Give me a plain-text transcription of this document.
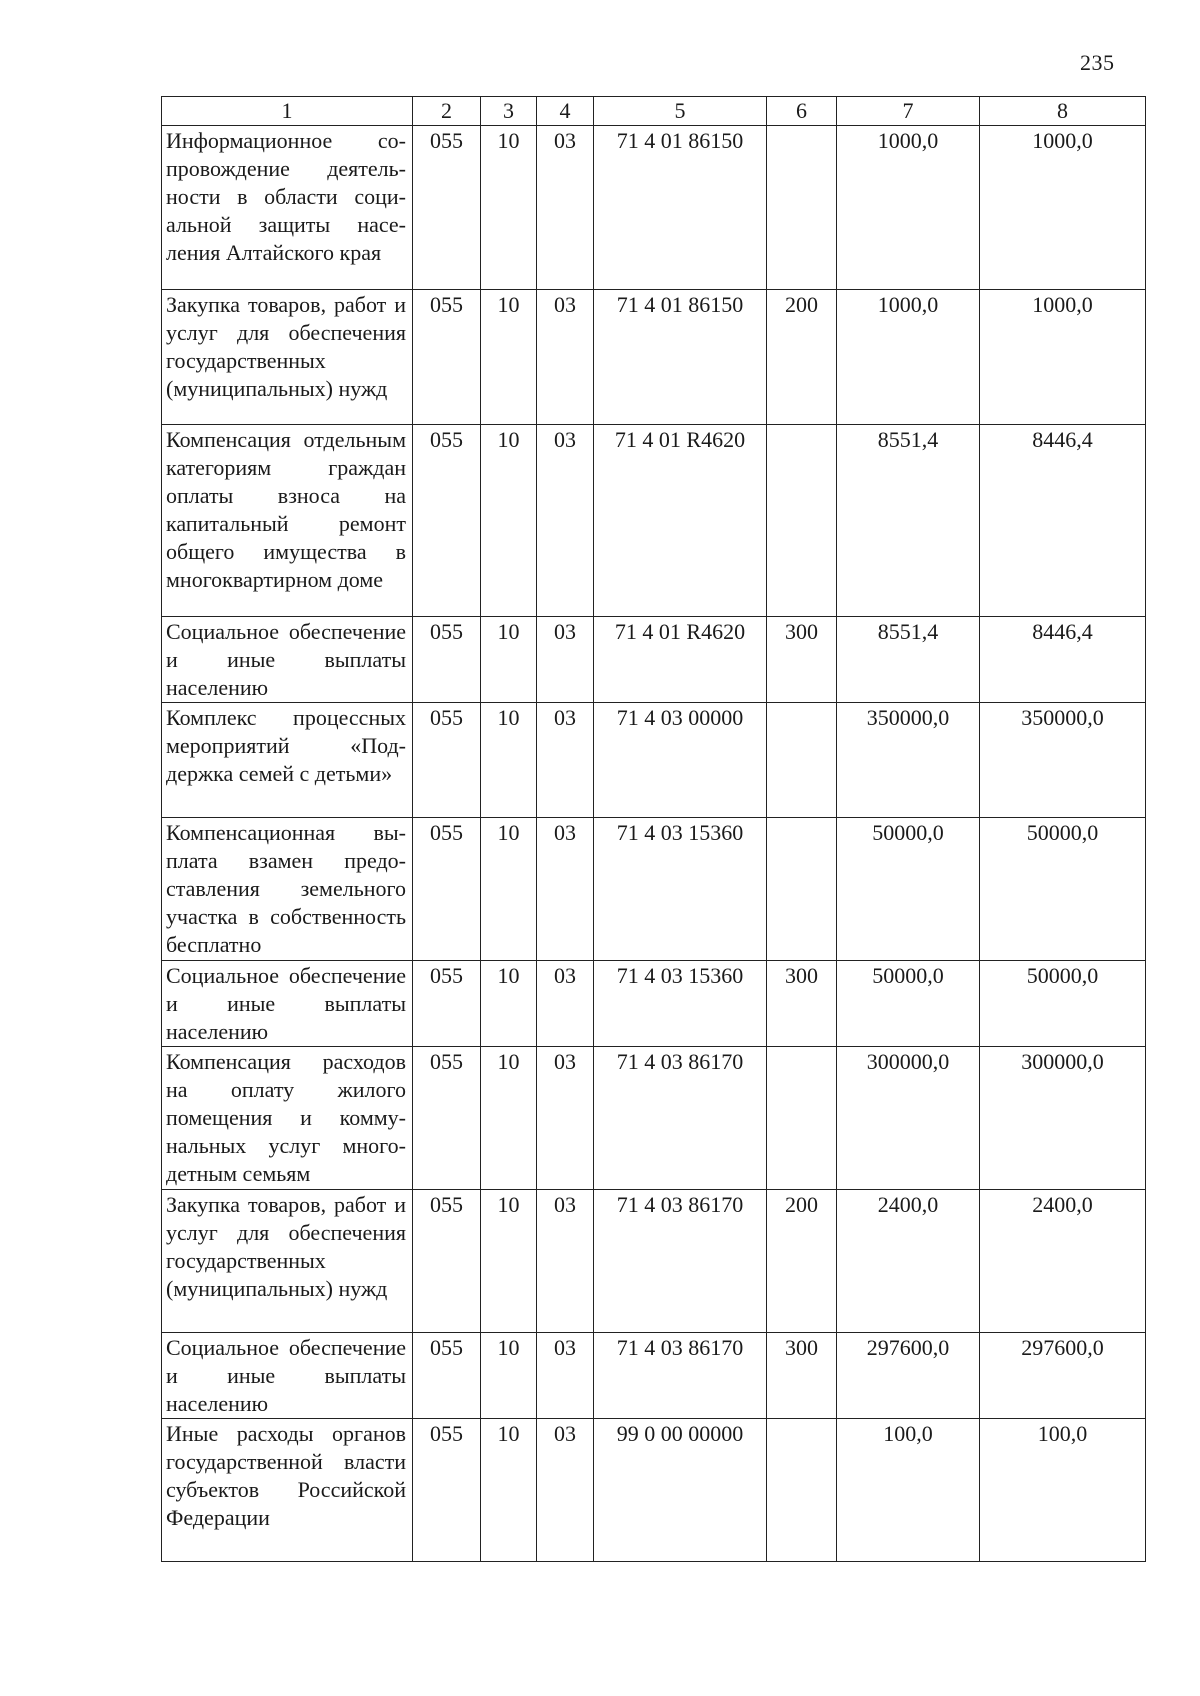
235
1	2	3	4	5	6	7	8
Информационное сопровождение деятельности в области социальной защиты населения Алтайского края	055	10	03	71 4 01 86150		1000,0	1000,0
Закупка товаров, работ и услуг для обеспечения государственных (муниципальных) нужд	055	10	03	71 4 01 86150	200	1000,0	1000,0
Компенсация отдельным категориям граждан оплаты взноса на капитальный ремонт общего имущества в многоквартирном доме	055	10	03	71 4 01 R4620		8551,4	8446,4
Социальное обеспечение и иные выплаты населению	055	10	03	71 4 01 R4620	300	8551,4	8446,4
Комплекс процессных мероприятий «Поддержка семей с детьми»	055	10	03	71 4 03 00000		350000,0	350000,0
Компенсационная выплата взамен предоставления земельного участка в собственность бесплатно	055	10	03	71 4 03 15360		50000,0	50000,0
Социальное обеспечение и иные выплаты населению	055	10	03	71 4 03 15360	300	50000,0	50000,0
Компенсация расходов на оплату жилого помещения и коммунальных услуг многодетным семьям	055	10	03	71 4 03 86170		300000,0	300000,0
Закупка товаров, работ и услуг для обеспечения государственных (муниципальных) нужд	055	10	03	71 4 03 86170	200	2400,0	2400,0
Социальное обеспечение и иные выплаты населению	055	10	03	71 4 03 86170	300	297600,0	297600,0
Иные расходы органов государственной власти субъектов Российской Федерации	055	10	03	99 0 00 00000		100,0	100,0
